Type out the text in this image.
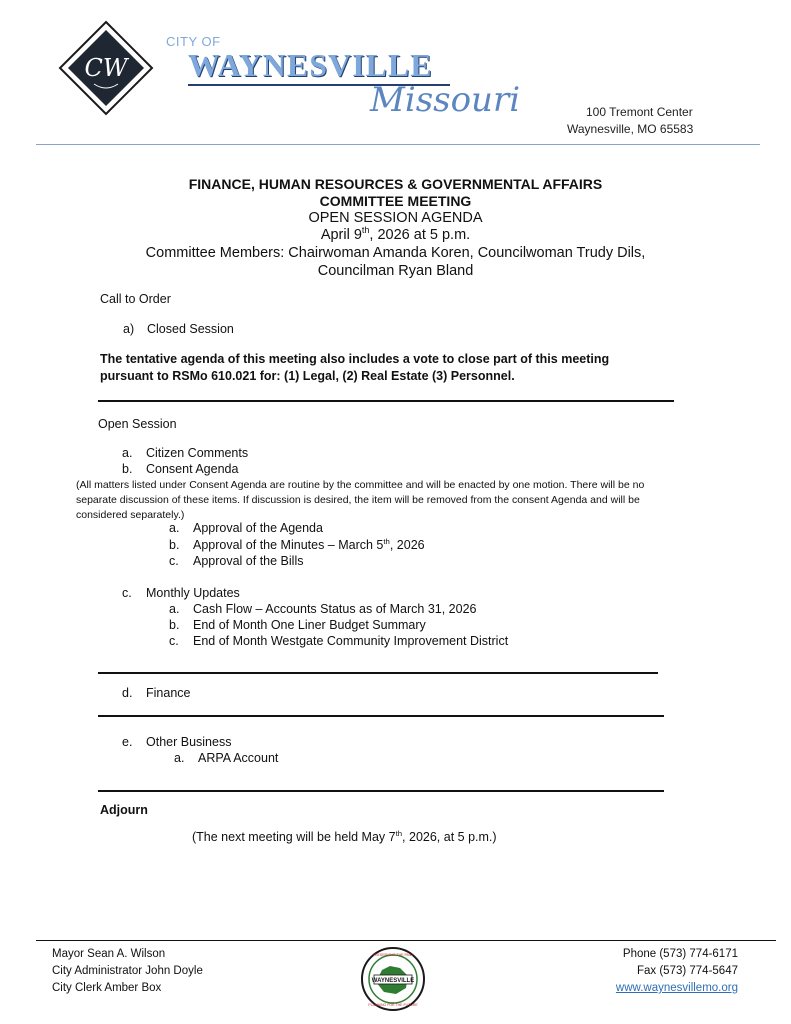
CW
CITY OF
WAYNESVILLE
Missouri	100 Tremont Center
Waynesville, MO 65583
FINANCE, HUMAN RESOURCES & GOVERNMENTAL AFFAIRS
COMMITTEE MEETING
OPEN SESSION AGENDA
April 9th, 2026 at 5 p.m.
Committee Members: Chairwoman Amanda Koren, Councilwoman Trudy Dils,
Councilman Ryan Bland
Call to Order
a) Closed Session
The tentative agenda of this meeting also includes a vote to close part of this meeting
pursuant to RSMo 610.021 for: (1) Legal, (2) Real Estate (3) Personnel.
Open Session
a. Citizen Comments
b. Consent Agenda
(All matters listed under Consent Agenda are routine by the committee and will be enacted by one motion. There will be no separate discussion of these items. If discussion is desired, the item will be removed from the consent Agenda and will be considered separately.)
a. Approval of the Agenda
b. Approval of the Minutes – March 5th, 2026
c. Approval of the Bills
c. Monthly Updates
a. Cash Flow – Accounts Status as of March 31, 2026
b. End of Month One Liner Budget Summary
c. End of Month Westgate Community Improvement District
d. Finance
e. Other Business
a. ARPA Account
Adjourn
(The next meeting will be held May 7th, 2026, at 5 p.m.)
Mayor Sean A. Wilson
City Administrator John Doyle
City Clerk Amber Box
WAYNESVILLE
PRESERVING THE PAST
PLANNING FOR THE FUTURE
Phone (573) 774-6171
Fax (573) 774-5647
www.waynesvillemo.org
